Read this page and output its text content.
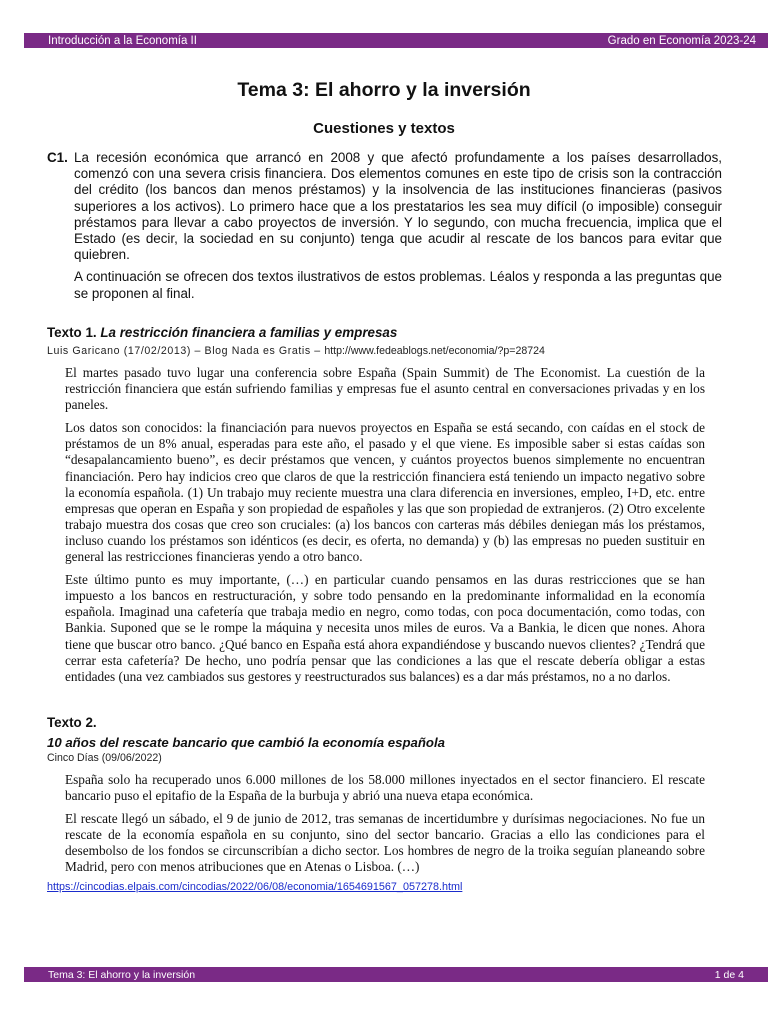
Introducción a la Economía II	Grado en Economía 2023-24
Tema 3: El ahorro y la inversión
Cuestiones y textos
C1. La recesión económica que arrancó en 2008 y que afectó profundamente a los países desarrollados, comenzó con una severa crisis financiera. Dos elementos comunes en este tipo de crisis son la contracción del crédito (los bancos dan menos préstamos) y la insolvencia de las instituciones financieras (pasivos superiores a los activos). Lo primero hace que a los prestatarios les sea muy difícil (o imposible) conseguir préstamos para llevar a cabo proyectos de inversión. Y lo segundo, con mucha frecuencia, implica que el Estado (es decir, la sociedad en su conjunto) tenga que acudir al rescate de los bancos para evitar que quiebren.

A continuación se ofrecen dos textos ilustrativos de estos problemas. Léalos y responda a las preguntas que se proponen al final.

Texto 1. La restricción financiera a familias y empresas
Luis Garicano (17/02/2013) – Blog Nada es Gratis – http://www.fedeablogs.net/economia/?p=28724

El martes pasado tuvo lugar una conferencia sobre España (Spain Summit) de The Economist. La cuestión de la restricción financiera que están sufriendo familias y empresas fue el asunto central en conversaciones privadas y en los paneles.

Los datos son conocidos: la financiación para nuevos proyectos en España se está secando, con caídas en el stock de préstamos de un 8% anual, esperadas para este año, el pasado y el que viene. Es imposible saber si estas caídas son “desapalancamiento bueno”, es decir préstamos que vencen, y cuántos proyectos buenos simplemente no encuentran financiación. Pero hay indicios creo que claros de que la restricción financiera está teniendo un impacto negativo sobre la economía española. (1) Un trabajo muy reciente muestra una clara diferencia en inversiones, empleo, I+D, etc. entre empresas que operan en España y son propiedad de españoles y las que son propiedad de extranjeros. (2) Otro excelente trabajo muestra dos cosas que creo son cruciales: (a) los bancos con carteras más débiles deniegan más los préstamos, incluso cuando los préstamos son idénticos (es decir, es oferta, no demanda) y (b) las empresas no pueden sustituir en general las restricciones financieras yendo a otro banco.

Este último punto es muy importante, (…) en particular cuando pensamos en las duras restricciones que se han impuesto a los bancos en restructuración, y sobre todo pensando en la predominante informalidad en la economía española. Imaginad una cafetería que trabaja medio en negro, como todas, con poca documentación, como todas, con Bankia. Suponed que se le rompe la máquina y necesita unos miles de euros. Va a Bankia, le dicen que nones. Ahora tiene que buscar otro banco. ¿Qué banco en España está ahora expandiéndose y buscando nuevos clientes? ¿Tendrá que cerrar esta cafetería? De hecho, uno podría pensar que las condiciones a las que el rescate debería obligar a estas entidades (una vez cambiados sus gestores y reestructurados sus balances) es a dar más préstamos, no a no darlos.

Texto 2.
10 años del rescate bancario que cambió la economía española
Cinco Días (09/06/2022)

España solo ha recuperado unos 6.000 millones de los 58.000 millones inyectados en el sector financiero. El rescate bancario puso el epitafio de la España de la burbuja y abrió una nueva etapa económica.

El rescate llegó un sábado, el 9 de junio de 2012, tras semanas de incertidumbre y durísimas negociaciones. No fue un rescate de la economía española en su conjunto, sino del sector bancario. Gracias a ello las condiciones para el desembolso de los fondos se circunscribían a dicho sector. Los hombres de negro de la troika seguían planeando sobre Madrid, pero con menos atribuciones que en Atenas o Lisboa. (…)

https://cincodias.elpais.com/cincodias/2022/06/08/economia/1654691567_057278.html
Tema 3: El ahorro y la inversión	1 de 4
